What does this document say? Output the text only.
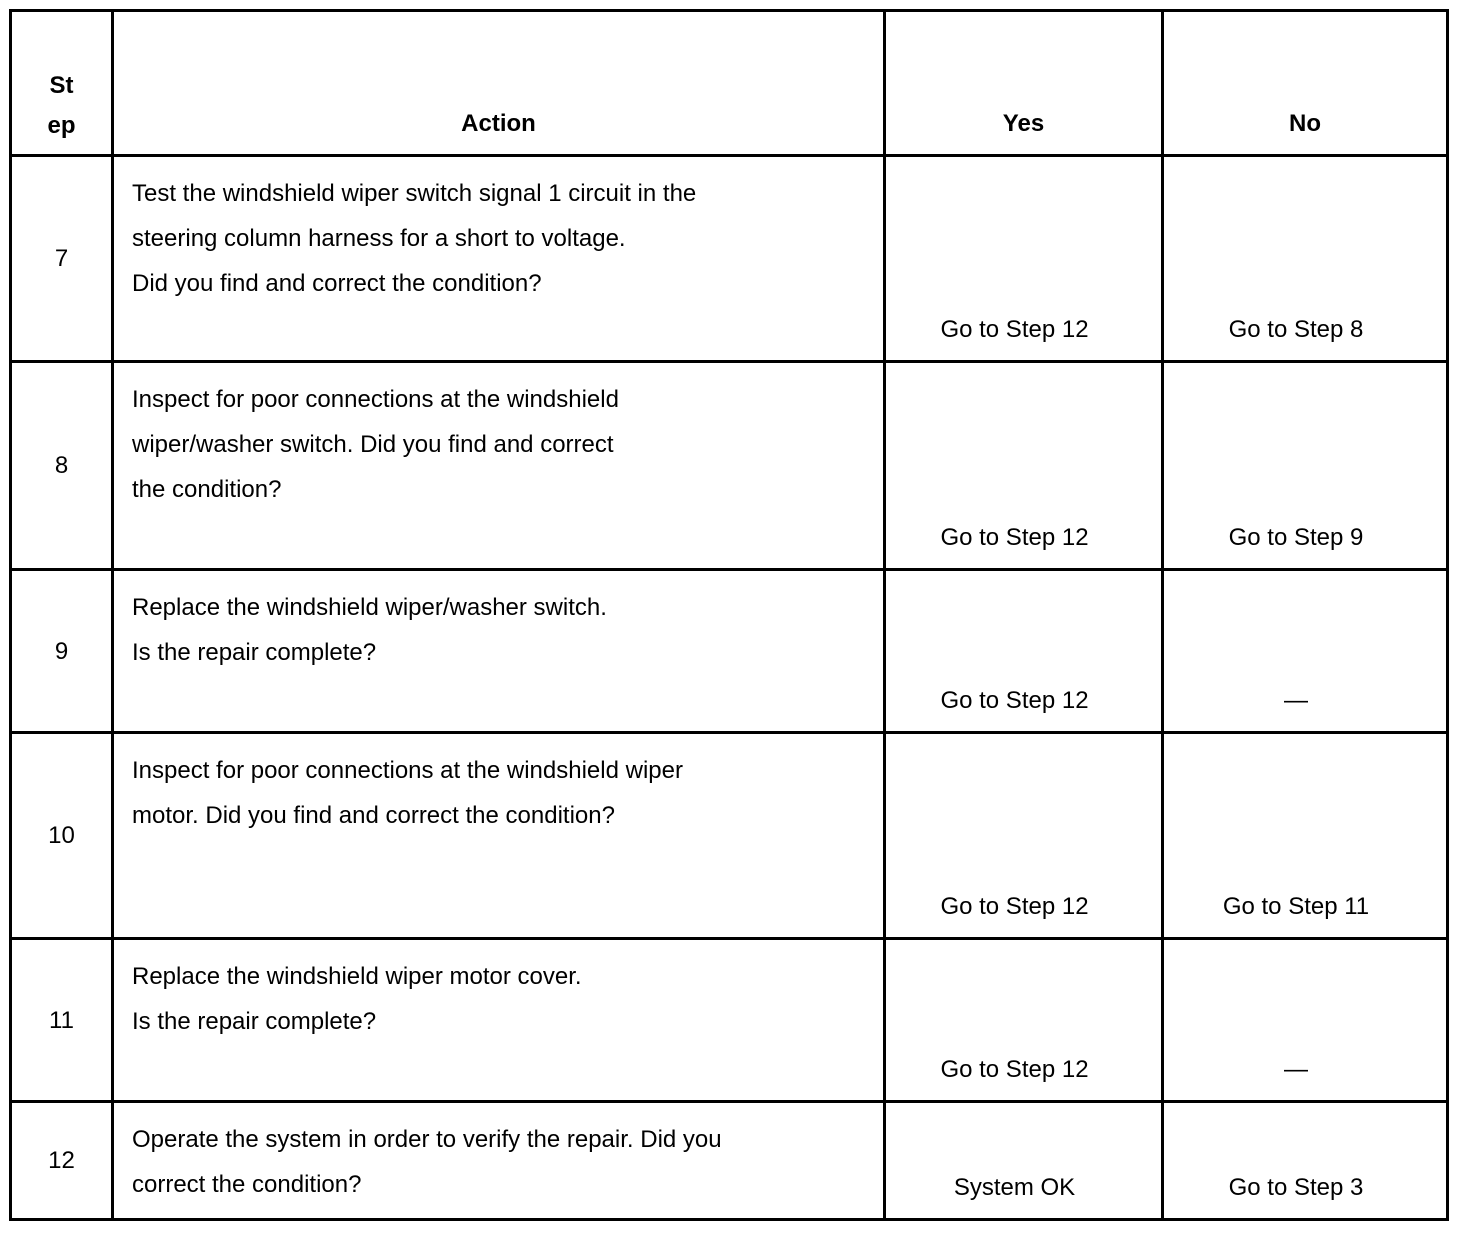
St
ep	Action	Yes	No

7	Test the windshield wiper switch signal 1 circuit in the
steering column harness for a short to voltage.
Did you find and correct the condition?	Go to Step 12	Go to Step 8

8	Inspect for poor connections at the windshield
wiper/washer switch. Did you find and correct
the condition?	Go to Step 12	Go to Step 9

9	Replace the windshield wiper/washer switch.
Is the repair complete?	Go to Step 12	—

10	Inspect for poor connections at the windshield wiper
motor. Did you find and correct the condition?	Go to Step 12	Go to Step 11

11	Replace the windshield wiper motor cover.
Is the repair complete?	Go to Step 12	—

12	Operate the system in order to verify the repair. Did you
correct the condition?	System OK	Go to Step 3
